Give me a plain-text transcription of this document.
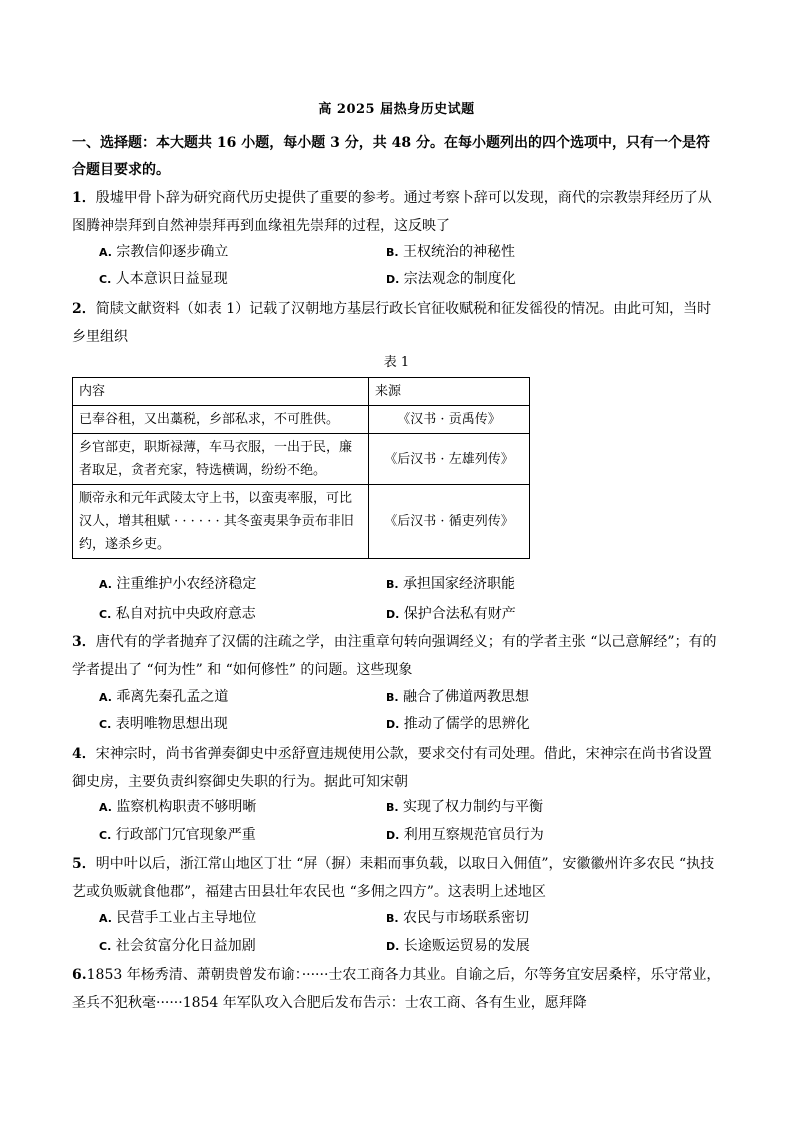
高 2025 届热身历史试题
一、选择题：本大题共 16 小题，每小题 3 分，共 48 分。在每小题列出的四个选项中，只有一个是符合题目要求的。
1．殷墟甲骨卜辞为研究商代历史提供了重要的参考。通过考察卜辞可以发现，商代的宗教崇拜经历了从图腾神崇拜到自然神崇拜再到血缘祖先崇拜的过程，这反映了
A. 宗教信仰逐步确立	B. 王权统治的神秘性
C. 人本意识日益显现	D. 宗法观念的制度化
2．简牍文献资料（如表 1）记载了汉朝地方基层行政长官征收赋税和征发徭役的情况。由此可知，当时乡里组织
表 1
内容	来源
已奉谷租，又出藁税，乡部私求，不可胜供。	《汉书 · 贡禹传》
乡官部吏，职斯禄薄，车马衣服，一出于民，廉者取足，贪者充家，特选横调，纷纷不绝。	《后汉书 · 左雄列传》
顺帝永和元年武陵太守上书，以蛮夷率服，可比汉人，增其租赋 · · · · · · 其冬蛮夷果争贡布非旧约，遂杀乡吏。	《后汉书 · 循吏列传》
A. 注重维护小农经济稳定	B. 承担国家经济职能
C. 私自对抗中央政府意志	D. 保护合法私有财产
3．唐代有的学者抛弃了汉儒的注疏之学，由注重章句转向强调经义；有的学者主张 “以己意解经”；有的学者提出了 “何为性” 和 “如何修性” 的问题。这些现象
A. 乖离先秦孔孟之道	B. 融合了佛道两教思想
C. 表明唯物思想出现	D. 推动了儒学的思辨化
4．宋神宗时，尚书省弹奏御史中丞舒亶违规使用公款，要求交付有司处理。借此，宋神宗在尚书省设置御史房，主要负责纠察御史失职的行为。据此可知宋朝
A. 监察机构职责不够明晰	B. 实现了权力制约与平衡
C. 行政部门冗官现象严重	D. 利用互察规范官员行为
5．明中叶以后，浙江常山地区丁壮 “屏（摒）耒耜而事负载，以取日入佣值”，安徽徽州许多农民 “执技艺或负贩就食他郡”，福建古田县壮年农民也 “多佣之四方”。这表明上述地区
A. 民营手工业占主导地位	B. 农民与市场联系密切
C. 社会贫富分化日益加剧	D. 长途贩运贸易的发展
6.1853 年杨秀清、萧朝贵曾发布谕：······士农工商各力其业。自谕之后，尔等务宜安居桑梓，乐守常业，圣兵不犯秋毫······1854 年军队攻入合肥后发布告示：士农工商、各有生业，愿拜降
